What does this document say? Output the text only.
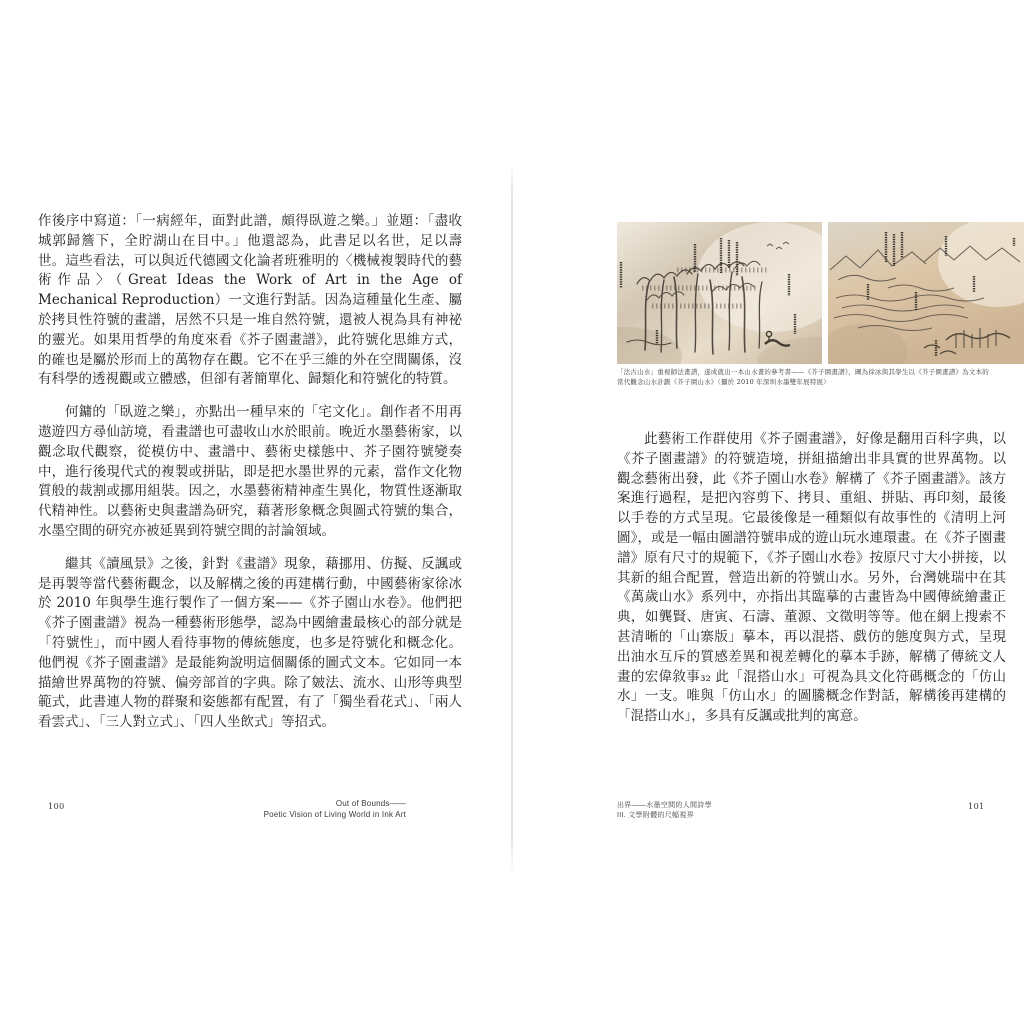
作後序中寫道：「一病經年，面對此譜，頗得臥遊之樂。」並題：「盡收城郭歸簷下，全貯湖山在目中。」他還認為，此書足以名世，足以壽世。這些看法，可以與近代德國文化論者班雅明的〈機械複製時代的藝術作品〉（Great Ideas the Work of Art in the Age of Mechanical Reproduction）一文進行對話。因為這種量化生產、屬於拷貝性符號的畫譜，居然不只是一堆自然符號，還被人視為具有神祕的靈光。如果用哲學的角度來看《芥子園畫譜》，此符號化思維方式，的確也是屬於形而上的萬物存在觀。它不在乎三維的外在空間關係，沒有科學的透視觀或立體感，但卻有著簡單化、歸類化和符號化的特質。

何鏞的「臥遊之樂」，亦點出一種早來的「宅文化」。創作者不用再遨遊四方尋仙訪境，看畫譜也可盡收山水於眼前。晚近水墨藝術家，以觀念取代觀察，從模仿中、畫譜中、藝術史樣態中、芥子園符號變奏中，進行後現代式的複製或拼貼，即是把水墨世界的元素，當作文化物質般的裁割或挪用組裝。因之，水墨藝術精神產生異化，物質性逐漸取代精神性。以藝術史與畫譜為研究，藉著形象概念與圖式符號的集合，水墨空間的研究亦被延異到符號空間的討論領域。

繼其《讀風景》之後，針對《畫譜》現象，藉挪用、仿擬、反諷或是再製等當代藝術觀念，以及解構之後的再建構行動，中國藝術家徐冰於 2010 年與學生進行製作了一個方案——《芥子園山水卷》。他們把《芥子園畫譜》視為一種藝術形態學，認為中國繪畫最核心的部分就是「符號性」，而中國人看待事物的傳統態度，也多是符號化和概念化。他們視《芥子園畫譜》是最能夠說明這個關係的圖式文本。它如同一本描繪世界萬物的符號、偏旁部首的字典。除了皴法、流水、山形等典型範式，此書連人物的群聚和姿態都有配置，有了「獨坐看花式」、「兩人看雲式」、「三人對立式」、「四人坐飲式」等招式。

100	Out of Bounds——
Poetic Vision of Living World in Ink Art
「法古山水」重視師法畫譜，遂成就出一本山水畫的參考書——《芥子園畫譜》，圖為徐冰與其學生以《芥子園畫譜》為文本的
當代觀念山水計劃《芥子園山水》（攝於 2010 年深圳水墨雙年展特展）

此藝術工作群使用《芥子園畫譜》，好像是翻用百科字典，以《芥子園畫譜》的符號造境，拼組描繪出非具實的世界萬物。以觀念藝術出發，此《芥子園山水卷》解構了《芥子園畫譜》。該方案進行過程，是把內容剪下、拷貝、重組、拼貼、再印刻，最後以手卷的方式呈現。它最後像是一種類似有故事性的《清明上河圖》，或是一幅由圖譜符號串成的遊山玩水連環畫。在《芥子園畫譜》原有尺寸的規範下，《芥子園山水卷》按原尺寸大小拼接，以其新的組合配置，營造出新的符號山水。另外，台灣姚瑞中在其《萬歲山水》系列中，亦指出其臨摹的古畫皆為中國傳統繪畫正典，如龔賢、唐寅、石濤、董源、文徵明等等。他在網上搜索不甚清晰的「山寨版」摹本，再以混搭、戲仿的態度與方式，呈現出油水互斥的質感差異和視差轉化的摹本手跡，解構了傳統文人畫的宏偉敘事₃₂ 此「混搭山水」可視為具文化符碼概念的「仿山水」一支。唯與「仿山水」的圖騰概念作對話，解構後再建構的「混搭山水」，多具有反諷或批判的寓意。

出界——水墨空間的人間詩學
III. 文學附體的尺幅視界
101
